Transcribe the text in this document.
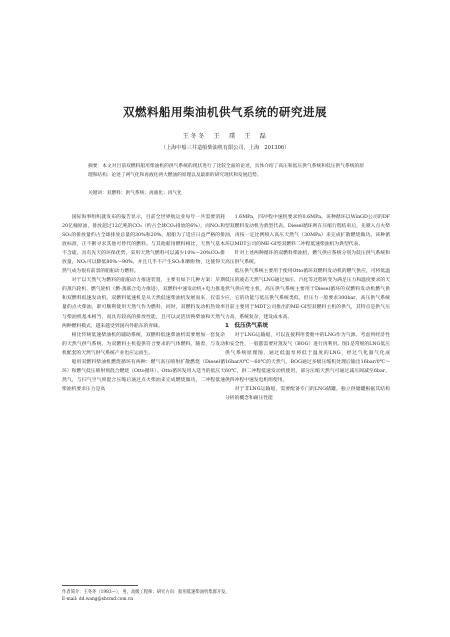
双燃料船用柴油机供气系统的研究进展
王冬冬　王　璞　王　磊
（上海中船三井造船柴油机有限公司，上海　201306）
摘要：本文对目前双燃料船用柴油机的供气系统的现状进行了比较全面的论述，具体介绍了高压和低压供气系统和低压供气系统的原理和结构；论述了两气化和再液化两大燃油的原理以及最新的研究现状和发展趋势。
关键词：双燃料；供气系统；再液化；再气化

国际海事组织就发布的报告显示，目前全世界航运业每年一共需要消耗20亿桶原油，排放超过12亿吨的CO₂（约占全球CO₂排放的6%），而NOₓ和SOₓ的排放量约占全球排放总量的30%和20%。船舶为了适应日益严格的排放标准，正不断寻求其他可替代的燃料。与其他船用燃料相比，天然气基本不含硫，具有先天的环保优势，采用天然气燃料可以减少10%～20%CO₂排放量，NOₓ可以降低80%～90%，并且几乎不产生SOₓ和颗粒物，这使得天然气成为很有前景的船舶动力燃料。

对于以天然气为燃料的船舶动力推进装置，主要有如下几种方案：早期的蒸汽轮机、燃气轮机（燃-蒸联合电力推进），双燃料中速发动机+电力推进和双燃料低速发动机。双燃料低速机是从天然低速柴油机发展而来，仅需少量的点火柴油，即可顺利使用天然气作为燃料，同时，双燃料发动机热效率与柴油机基本相当，而具有较高的排放性能，且可以灵活切换柴油和天然气两种燃料模式，越来越受到国内外船东的青睐。

相比传统低速柴油机的辅助系统，双燃料低速柴油机需要增加一套复杂的天然气供气系统，为双燃料主机提供符合要求的气体燃料。随着，与发动机配套的天然气供气系统产业也应运而生。

船用双燃料柴油机燃烧循环有两种：燃气高压喷射扩散燃烧（Diesel循环）和燃气低压喷射预混合燃烧（Otto循环）。Otto循环发用入适当的低压天然气，与扫气空气预混合压缩后通过点火柴油来完成燃烧做功。二冲程低速柴油机要求压力是高

1.6MPa，四冲程中速机要求约0.6MPa。该种循环以WinGD公司的DF型双燃料发动机为典型代表。Diesel循环则在压缩行程结束后，先喷入点火柴油，再按一定比例喷入高压天然气（30MPa）来完成扩散燃烧做功。该种循环以MDT公司的ME-GI型双燃料二冲程低速柴油机为典型代表。

针对上述两种循环的双燃料柴油机，燃气供应系统分别为低压供气系统和高压供气系统。

低压供气系统主要用于使用Otto循环双燃料发动机的燃气供应，可将低温低压的液态天然气LNG通过加压、汽化等过程转变为满足压力和温度要求的天然气供应给主机。高压供气系统主要用于Diesel循环的双燃料发动机燃气供应，它的功能与低压供气系统类似，但压力一般要求300bar，高压供气系统目前主要用于MDT公司推出的ME-GI型双燃料主机的供气，其特点是供气压力高，系统复杂，建设成本高。

1　低压供气系统

对于LNG运输船，可以直接利用货舱中的LNG作为气源。考虑到经济性和安全性，一般都需要对蒸发气（BOG）进行再利用。图1是常规的LNG低压供气系统原理图，通过低温泵将低于温度的LNG，经过气化器气化成16bar/0℃～60℃的天然气，BOG通过多级压缩机处理后输出16bar/0℃～60℃，供二冲程低速发动机使用。部分压缩天然气可通过减压阀减至6bar，供四冲程中速发电机组使用。

对于非LNG运输船，需要配备专门的LNG储罐。独立供储罐根据其结构分析的概念和耐压性能

作者简介：王冬冬（1983—），男，高级工程师；研究方向：船用低速柴油机集群开发。
E-mail: dd.wang@shcmd.com.cn
